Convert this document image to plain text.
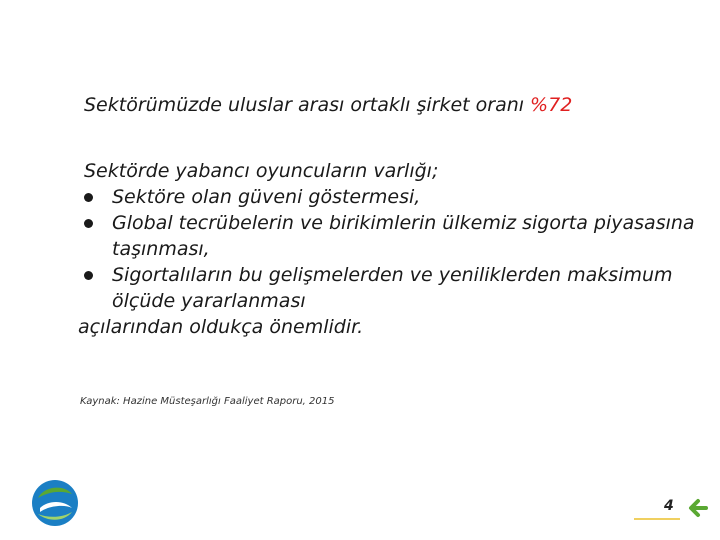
Sektörümüzde uluslar arası ortaklı şirket oranı %72
Sektörde yabancı oyuncuların varlığı;
Sektöre olan güveni göstermesi,
Global tecrübelerin ve birikimlerin ülkemiz sigorta piyasasına taşınması,
Sigortalıların bu gelişmelerden ve yeniliklerden maksimum ölçüde yararlanması
açılarından oldukça önemlidir.
Kaynak: Hazine Müsteşarlığı Faaliyet Raporu, 2015
4
